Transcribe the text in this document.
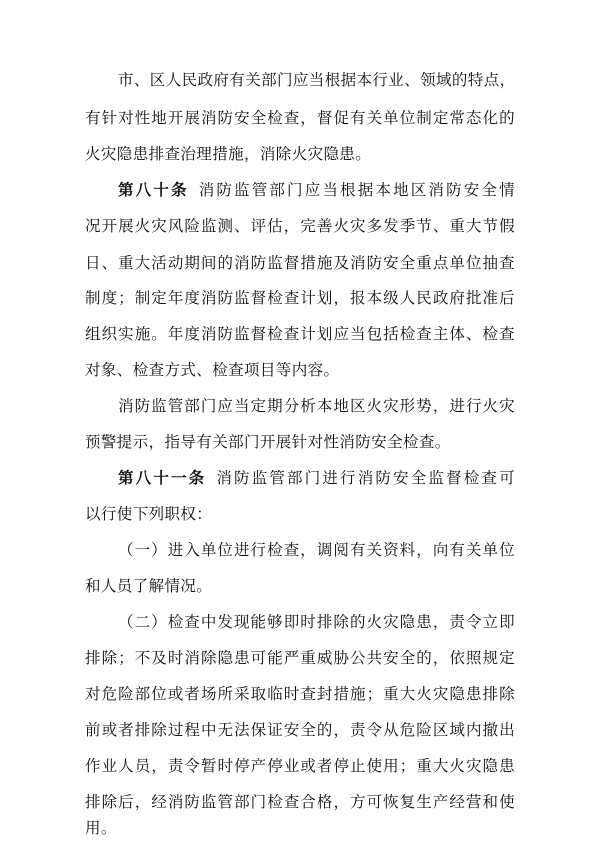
市、区人民政府有关部门应当根据本行业、领域的特点，
有针对性地开展消防安全检查，督促有关单位制定常态化的
火灾隐患排查治理措施，消除火灾隐患。
第八十条 消防监管部门应当根据本地区消防安全情
况开展火灾风险监测、评估，完善火灾多发季节、重大节假
日、重大活动期间的消防监督措施及消防安全重点单位抽查
制度；制定年度消防监督检查计划，报本级人民政府批准后
组织实施。年度消防监督检查计划应当包括检查主体、检查
对象、检查方式、检查项目等内容。
消防监管部门应当定期分析本地区火灾形势，进行火灾
预警提示，指导有关部门开展针对性消防安全检查。
第八十一条 消防监管部门进行消防安全监督检查可
以行使下列职权：
（一）进入单位进行检查，调阅有关资料，向有关单位
和人员了解情况。
（二）检查中发现能够即时排除的火灾隐患，责令立即
排除；不及时消除隐患可能严重威胁公共安全的，依照规定
对危险部位或者场所采取临时查封措施；重大火灾隐患排除
前或者排除过程中无法保证安全的，责令从危险区域内撤出
作业人员，责令暂时停产停业或者停止使用；重大火灾隐患
排除后，经消防监管部门检查合格，方可恢复生产经营和使
用。
